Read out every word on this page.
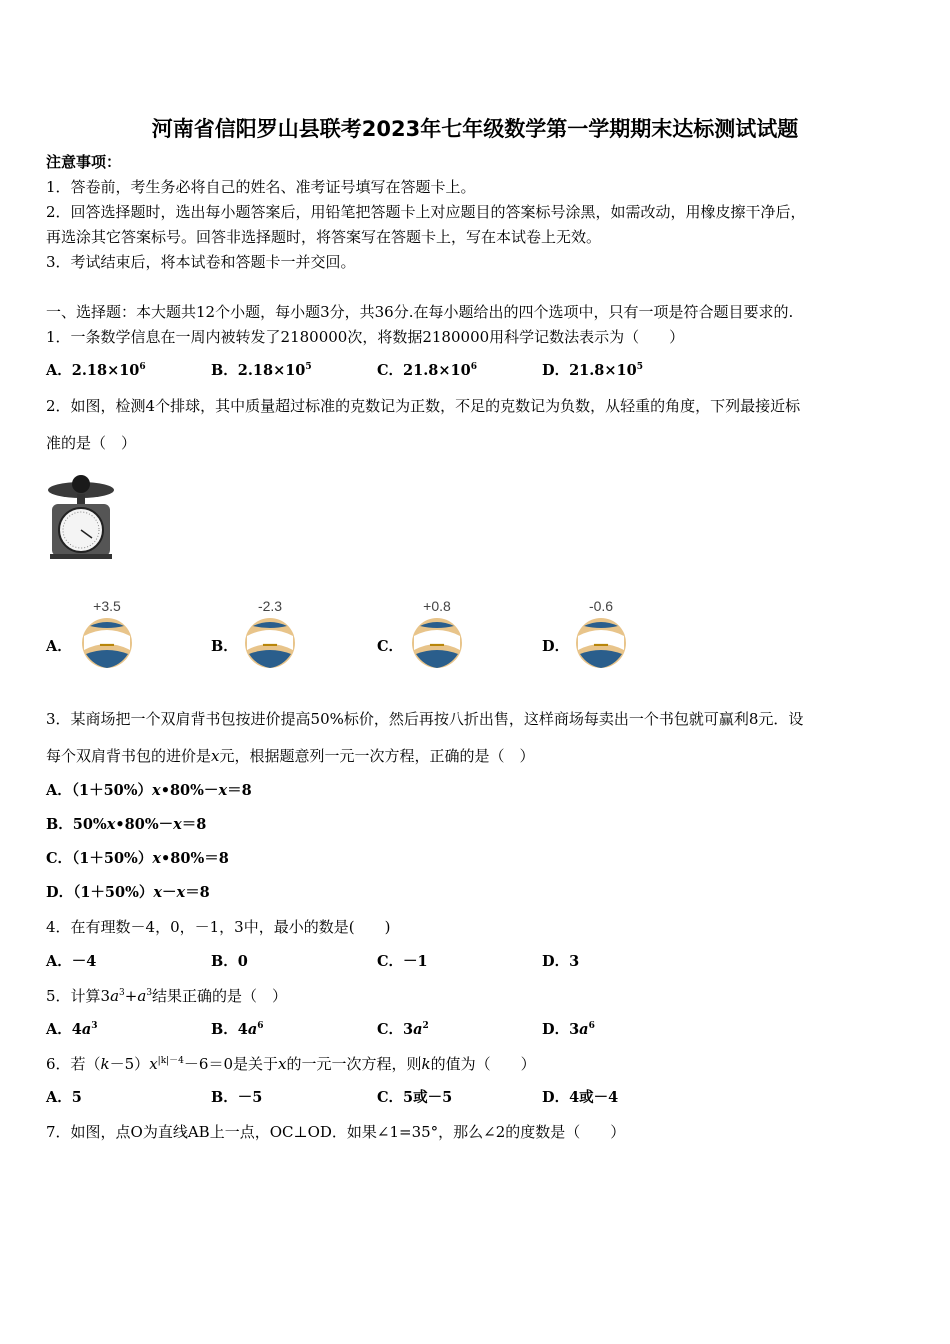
河南省信阳罗山县联考2023年七年级数学第一学期期末达标测试试题
注意事项：
1．答卷前，考生务必将自己的姓名、准考证号填写在答题卡上。
2．回答选择题时，选出每小题答案后，用铅笔把答题卡上对应题目的答案标号涂黑，如需改动，用橡皮擦干净后，
再选涂其它答案标号。回答非选择题时，将答案写在答题卡上，写在本试卷上无效。
3．考试结束后，将本试卷和答题卡一并交回。
一、选择题：本大题共12个小题，每小题3分，共36分.在每小题给出的四个选项中，只有一项是符合题目要求的.
1．一条数学信息在一周内被转发了2180000次，将数据2180000用科学记数法表示为（　　）
A．$2.18\times 10^6$	B．$2.18\times 10^5$	C．$21.8\times 10^6$	D．$21.8\times 10^5$
2．如图，检测4个排球，其中质量超过标准的克数记为正数，不足的克数记为负数，从轻重的角度，下列最接近标
准的是（　）
A．
+3.5
▬▬	B．
-2.3
▬▬	C．
+0.8
▬▬	D．
-0.6
▬▬
3．某商场把一个双肩背书包按进价提高50%标价，然后再按八折出售，这样商场每卖出一个书包就可赢利8元．设
每个双肩背书包的进价是x元，根据题意列一元一次方程，正确的是（　）
A．（1＋50%）x•80%－x＝8
B．50%x•80%－x＝8
C．（1＋50%）x•80%＝8
D．（1＋50%）x－x＝8
4．在有理数－4，0，－1，3中，最小的数是(　　)
A．－4	B．0	C．－1	D．3
5．计算$3a^3+a^3$结果正确的是（　）
A．$4a^3$	B．$4a^6$	C．$3a^2$	D．$3a^6$
6．若$(k-5)x^{|k|-4}-6=0$是关于x的一元一次方程，则k的值为（　　）
A．5	B．－5	C．5或－5	D．4或－4
7．如图，点O为直线AB上一点，OC⊥OD．如果∠1=35°，那么∠2的度数是（　　）
